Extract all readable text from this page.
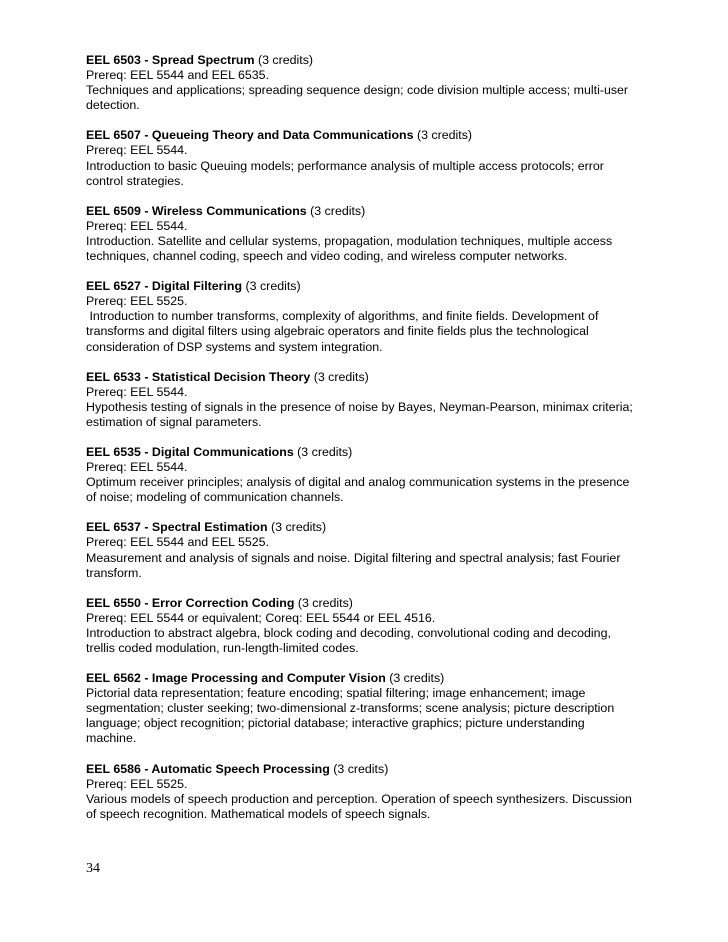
EEL 6503 - Spread Spectrum (3 credits)

Prereq: EEL 5544 and EEL 6535.

Techniques and applications; spreading sequence design; code division multiple access; multi-user

detection.

EEL 6507 - Queueing Theory and Data Communications (3 credits)

Prereq: EEL 5544.

Introduction to basic Queuing models; performance analysis of multiple access protocols; error

control strategies.

EEL 6509 - Wireless Communications (3 credits)

Prereq: EEL 5544.

Introduction. Satellite and cellular systems, propagation, modulation techniques, multiple access

techniques, channel coding, speech and video coding, and wireless computer networks.

EEL 6527 - Digital Filtering (3 credits)

Prereq: EEL 5525.

Introduction to number transforms, complexity of algorithms, and finite fields. Development of

transforms and digital filters using algebraic operators and finite fields plus the technological

consideration of DSP systems and system integration.

EEL 6533 - Statistical Decision Theory (3 credits)

Prereq: EEL 5544.

Hypothesis testing of signals in the presence of noise by Bayes, Neyman-Pearson, minimax criteria;

estimation of signal parameters.

EEL 6535 - Digital Communications (3 credits)

Prereq: EEL 5544.

Optimum receiver principles; analysis of digital and analog communication systems in the presence

of noise; modeling of communication channels.

EEL 6537 - Spectral Estimation (3 credits)

Prereq: EEL 5544 and EEL 5525.

Measurement and analysis of signals and noise. Digital filtering and spectral analysis; fast Fourier

transform.

EEL 6550 - Error Correction Coding (3 credits)

Prereq: EEL 5544 or equivalent; Coreq: EEL 5544 or EEL 4516.

Introduction to abstract algebra, block coding and decoding, convolutional coding and decoding,

trellis coded modulation, run-length-limited codes.

EEL 6562 - Image Processing and Computer Vision (3 credits)

Pictorial data representation; feature encoding; spatial filtering; image enhancement; image

segmentation; cluster seeking; two-dimensional z-transforms; scene analysis; picture description

language; object recognition; pictorial database; interactive graphics; picture understanding

machine.

EEL 6586 - Automatic Speech Processing (3 credits)

Prereq: EEL 5525.

Various models of speech production and perception. Operation of speech synthesizers. Discussion

of speech recognition. Mathematical models of speech signals.

34
